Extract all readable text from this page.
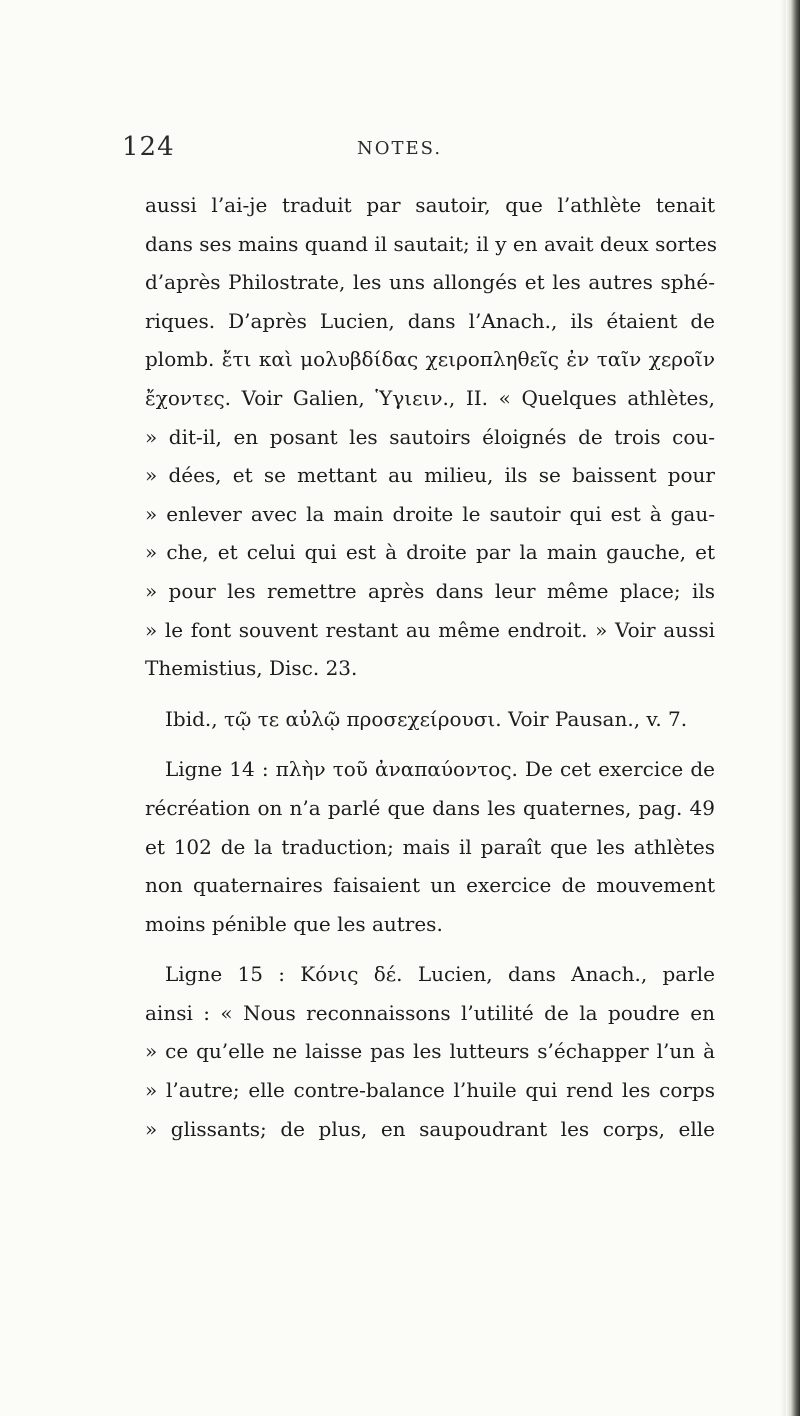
124	NOTES.
aussi l’ai-je traduit par sautoir, que l’athlète tenait
dans ses mains quand il sautait; il y en avait deux sortes
d’après Philostrate, les uns allongés et les autres sphé-
riques. D’après Lucien, dans l’Anach., ils étaient de
plomb. ἔτι καὶ μολυβδίδας χειροπληθεῖς ἐν ταῖν χεροῖν
ἔχοντες. Voir Galien, Ὑγιειν., II. « Quelques athlètes,
» dit-il, en posant les sautoirs éloignés de trois cou-
» dées, et se mettant au milieu, ils se baissent pour
» enlever avec la main droite le sautoir qui est à gau-
» che, et celui qui est à droite par la main gauche, et
» pour les remettre après dans leur même place; ils
» le font souvent restant au même endroit. » Voir aussi
Themistius, Disc. 23.
Ibid., τῷ τε αὐλῷ προσεχείρουσι. Voir Pausan., v. 7.
Ligne 14 : πλὴν τοῦ ἀναπαύοντος. De cet exercice de
récréation on n’a parlé que dans les quaternes, pag. 49
et 102 de la traduction; mais il paraît que les athlètes
non quaternaires faisaient un exercice de mouvement
moins pénible que les autres.
Ligne 15 : Κόνις δέ. Lucien, dans Anach., parle
ainsi : « Nous reconnaissons l’utilité de la poudre en
» ce qu’elle ne laisse pas les lutteurs s’échapper l’un à
» l’autre; elle contre-balance l’huile qui rend les corps
» glissants; de plus, en saupoudrant les corps, elle
